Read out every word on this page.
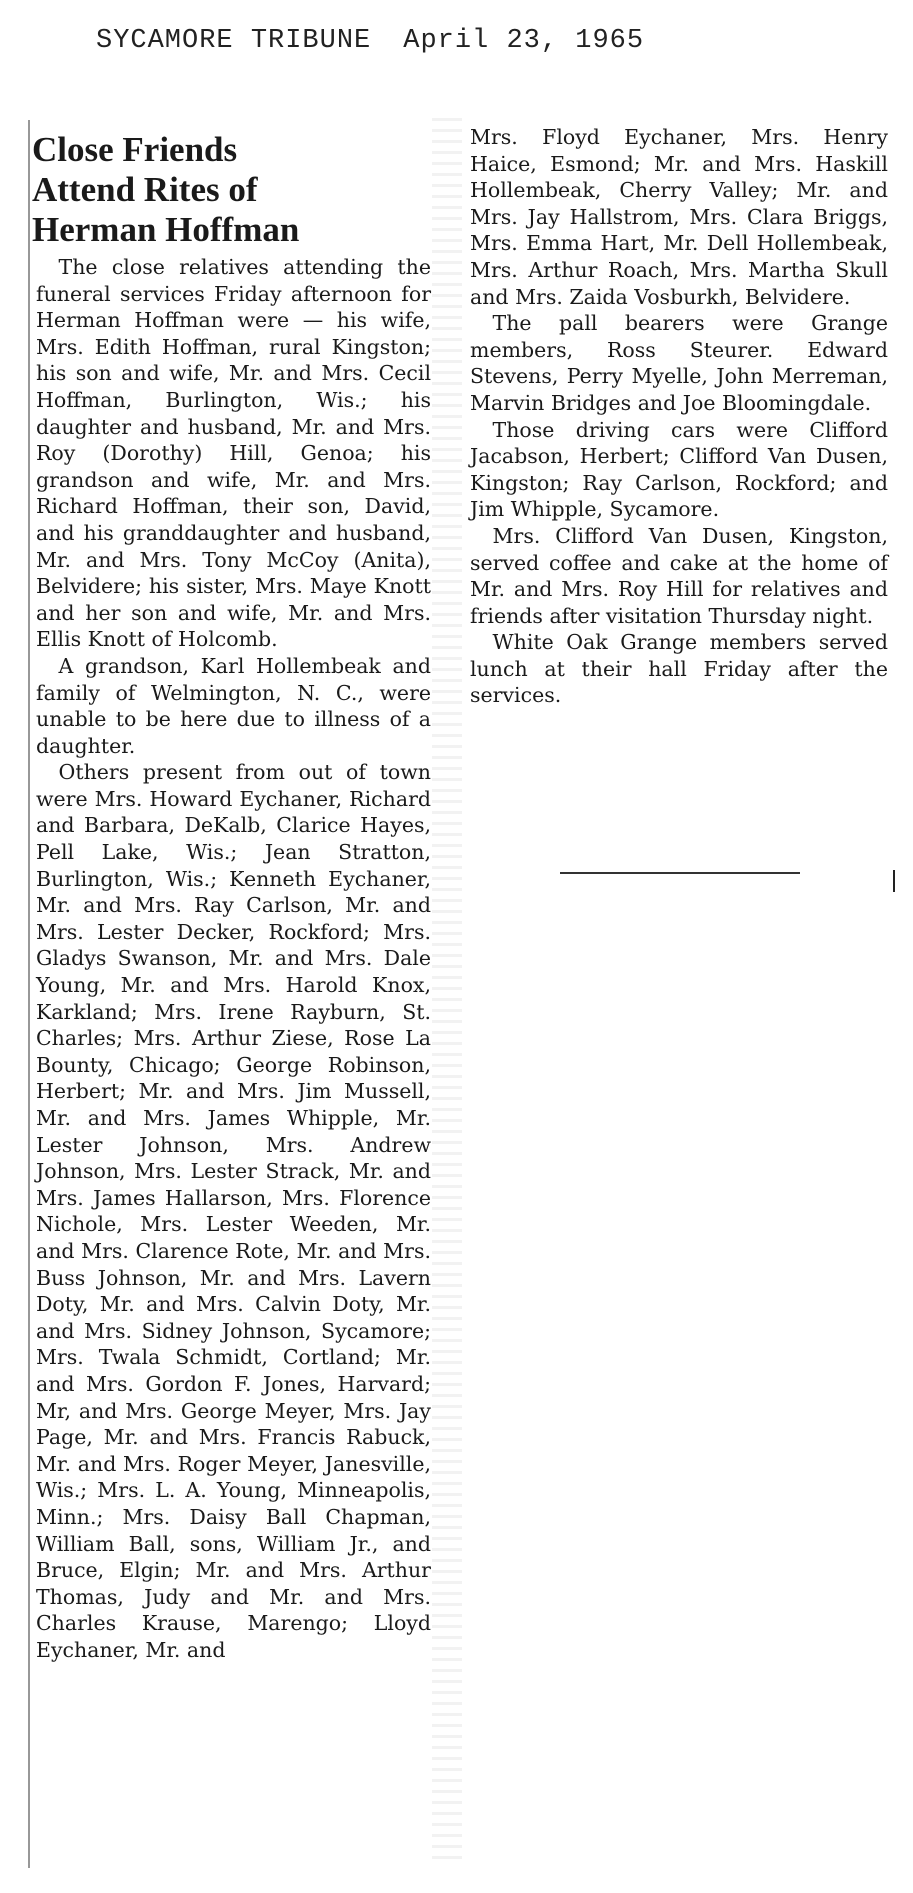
SYCAMORE TRIBUNE April 23, 1965
Close Friends
Attend Rites of
Herman Hoffman

The close relatives attending the funeral services Friday afternoon for Herman Hoffman were — his wife, Mrs. Edith Hoffman, rural Kingston; his son and wife, Mr. and Mrs. Cecil Hoffman, Burlington, Wis.; his daughter and husband, Mr. and Mrs. Roy (Dorothy) Hill, Genoa; his grandson and wife, Mr. and Mrs. Richard Hoffman, their son, David, and his granddaughter and husband, Mr. and Mrs. Tony McCoy (Anita), Belvidere; his sister, Mrs. Maye Knott and her son and wife, Mr. and Mrs. Ellis Knott of Holcomb.

A grandson, Karl Hollembeak and family of Welmington, N. C., were unable to be here due to illness of a daughter.

Others present from out of town were Mrs. Howard Eychaner, Richard and Barbara, DeKalb, Clarice Hayes, Pell Lake, Wis.; Jean Stratton, Burlington, Wis.; Kenneth Eychaner, Mr. and Mrs. Ray Carlson, Mr. and Mrs. Lester Decker, Rockford; Mrs. Gladys Swanson, Mr. and Mrs. Dale Young, Mr. and Mrs. Harold Knox, Karkland; Mrs. Irene Rayburn, St. Charles; Mrs. Arthur Ziese, Rose La Bounty, Chicago; George Robinson, Herbert; Mr. and Mrs. Jim Mussell, Mr. and Mrs. James Whipple, Mr. Lester Johnson, Mrs. Andrew Johnson, Mrs. Lester Strack, Mr. and Mrs. James Hallarson, Mrs. Florence Nichole, Mrs. Lester Weeden, Mr. and Mrs. Clarence Rote, Mr. and Mrs. Buss Johnson, Mr. and Mrs. Lavern Doty, Mr. and Mrs. Calvin Doty, Mr. and Mrs. Sidney Johnson, Sycamore; Mrs. Twala Schmidt, Cortland; Mr. and Mrs. Gordon F. Jones, Harvard; Mr, and Mrs. George Meyer, Mrs. Jay Page, Mr. and Mrs. Francis Rabuck, Mr. and Mrs. Roger Meyer, Janesville, Wis.; Mrs. L. A. Young, Minneapolis, Minn.; Mrs. Daisy Ball Chapman, William Ball, sons, William Jr., and Bruce, Elgin; Mr. and Mrs. Arthur Thomas, Judy and Mr. and Mrs. Charles Krause, Marengo; Lloyd Eychaner, Mr. and

Mrs. Floyd Eychaner, Mrs. Henry Haice, Esmond; Mr. and Mrs. Haskill Hollembeak, Cherry Valley; Mr. and Mrs. Jay Hallstrom, Mrs. Clara Briggs, Mrs. Emma Hart, Mr. Dell Hollembeak, Mrs. Arthur Roach, Mrs. Martha Skull and Mrs. Zaida Vosburkh, Belvidere.

The pall bearers were Grange members, Ross Steurer. Edward Stevens, Perry Myelle, John Merreman, Marvin Bridges and Joe Bloomingdale.

Those driving cars were Clifford Jacabson, Herbert; Clifford Van Dusen, Kingston; Ray Carlson, Rockford; and Jim Whipple, Sycamore.

Mrs. Clifford Van Dusen, Kingston, served coffee and cake at the home of Mr. and Mrs. Roy Hill for relatives and friends after visitation Thursday night.

White Oak Grange members served lunch at their hall Friday after the services.
